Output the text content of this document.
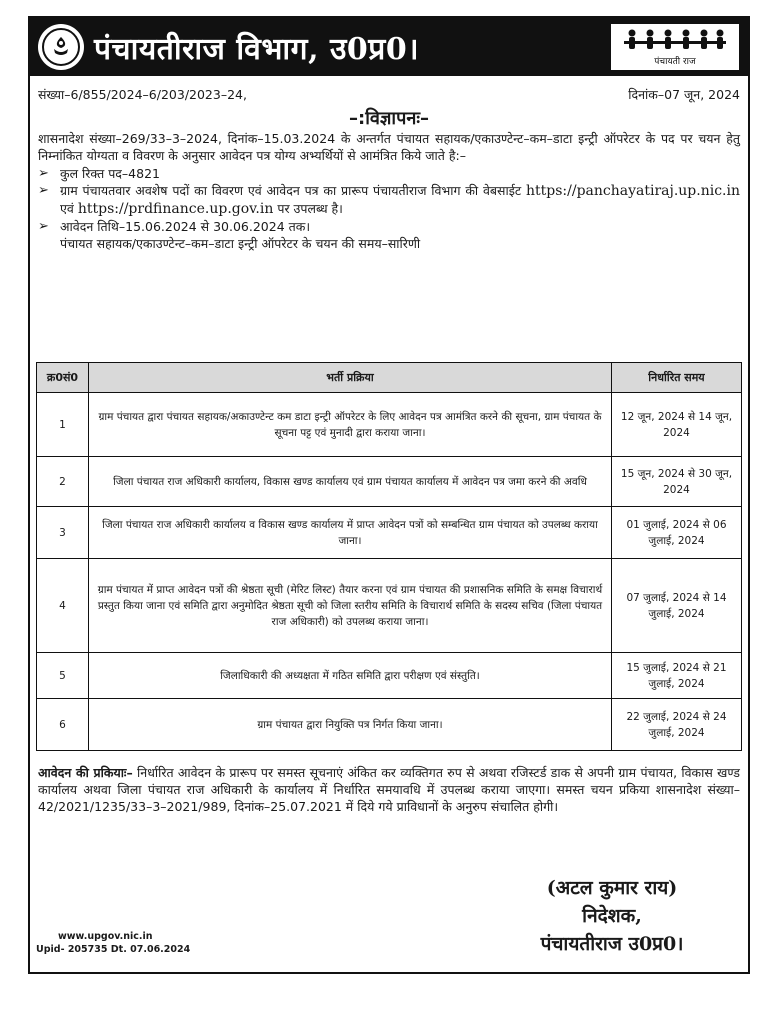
पंचायतीराज विभाग, उ0प्र0।	पंचायती राज
संख्या–6/855/2024–6/203/2023–24,	दिनांक–07 जून, 2024
–:विज्ञापनः–

शासनादेश संख्या–269/33–3–2024, दिनांक–15.03.2024 के अन्तर्गत पंचायत सहायक/एकाउण्टेन्ट–कम–डाटा इन्ट्री ऑपरेटर के पद पर चयन हेतु निम्नांकित योग्यता व विवरण के अनुसार आवेदन पत्र योग्य अभ्यर्थियों से आमंत्रित किये जाते है:–

➢ कुल रिक्त पद–4821
➢ ग्राम पंचायतवार अवशेष पदों का विवरण एवं आवेदन पत्र का प्रारूप पंचायतीराज विभाग की वेबसाईट https://panchayatiraj.up.nic.in एवं https://prdfinance.up.gov.in पर उपलब्ध है।
➢ आवेदन तिथि–15.06.2024 से 30.06.2024 तक।
पंचायत सहायक/एकाउण्टेन्ट–कम–डाटा इन्ट्री ऑपरेटर के चयन की समय–सारिणी
क्र0सं0	भर्ती प्रक्रिया	निर्धारित समय
1	ग्राम पंचायत द्वारा पंचायत सहायक/अकाउण्टेन्ट कम डाटा इन्ट्री ऑपरेटर के लिए आवेदन पत्र आमंत्रित करने की सूचना, ग्राम पंचायत के सूचना पट्ट एवं मुनादी द्वारा कराया जाना।	12 जून, 2024 से 14 जून, 2024
2	जिला पंचायत राज अधिकारी कार्यालय, विकास खण्ड कार्यालय एवं ग्राम पंचायत कार्यालय में आवेदन पत्र जमा करने की अवधि	15 जून, 2024 से 30 जून, 2024
3	जिला पंचायत राज अधिकारी कार्यालय व विकास खण्ड कार्यालय में प्राप्त आवेदन पत्रों को सम्बन्धित ग्राम पंचायत को उपलब्ध कराया जाना।	01 जुलाई, 2024 से 06 जुलाई, 2024
4	ग्राम पंचायत में प्राप्त आवेदन पत्रों की श्रेष्ठता सूची (मेरिट लिस्ट) तैयार करना एवं ग्राम पंचायत की प्रशासनिक समिति के समक्ष विचारार्थ प्रस्तुत किया जाना एवं समिति द्वारा अनुमोदित श्रेष्ठता सूची को जिला स्तरीय समिति के विचारार्थ समिति के सदस्य सचिव (जिला पंचायत राज अधिकारी) को उपलब्ध कराया जाना।	07 जुलाई, 2024 से 14 जुलाई, 2024
5	जिलाधिकारी की अध्यक्षता में गठित समिति द्वारा परीक्षण एवं संस्तुति।	15 जुलाई, 2024 से 21 जुलाई, 2024
6	ग्राम पंचायत द्वारा नियुक्ति पत्र निर्गत किया जाना।	22 जुलाई, 2024 से 24 जुलाई, 2024
आवेदन की प्रकियाः– निर्धारित आवेदन के प्रारूप पर समस्त सूचनाएं अंकित कर व्यक्तिगत रुप से अथवा रजिस्टर्ड डाक से अपनी ग्राम पंचायत, विकास खण्ड कार्यालय अथवा जिला पंचायत राज अधिकारी के कार्यालय में निर्धारित समयावधि में उपलब्ध कराया जाएगा। समस्त चयन प्रकिया शासनादेश संख्या–42/2021/1235/33–3–2021/989, दिनांक–25.07.2021 में दिये गये प्राविधानों के अनुरुप संचालित होगी।
(अटल कुमार राय)
निदेशक,
पंचायतीराज उ0प्र0।
www.upgov.nic.in
Upid- 205735 Dt. 07.06.2024
